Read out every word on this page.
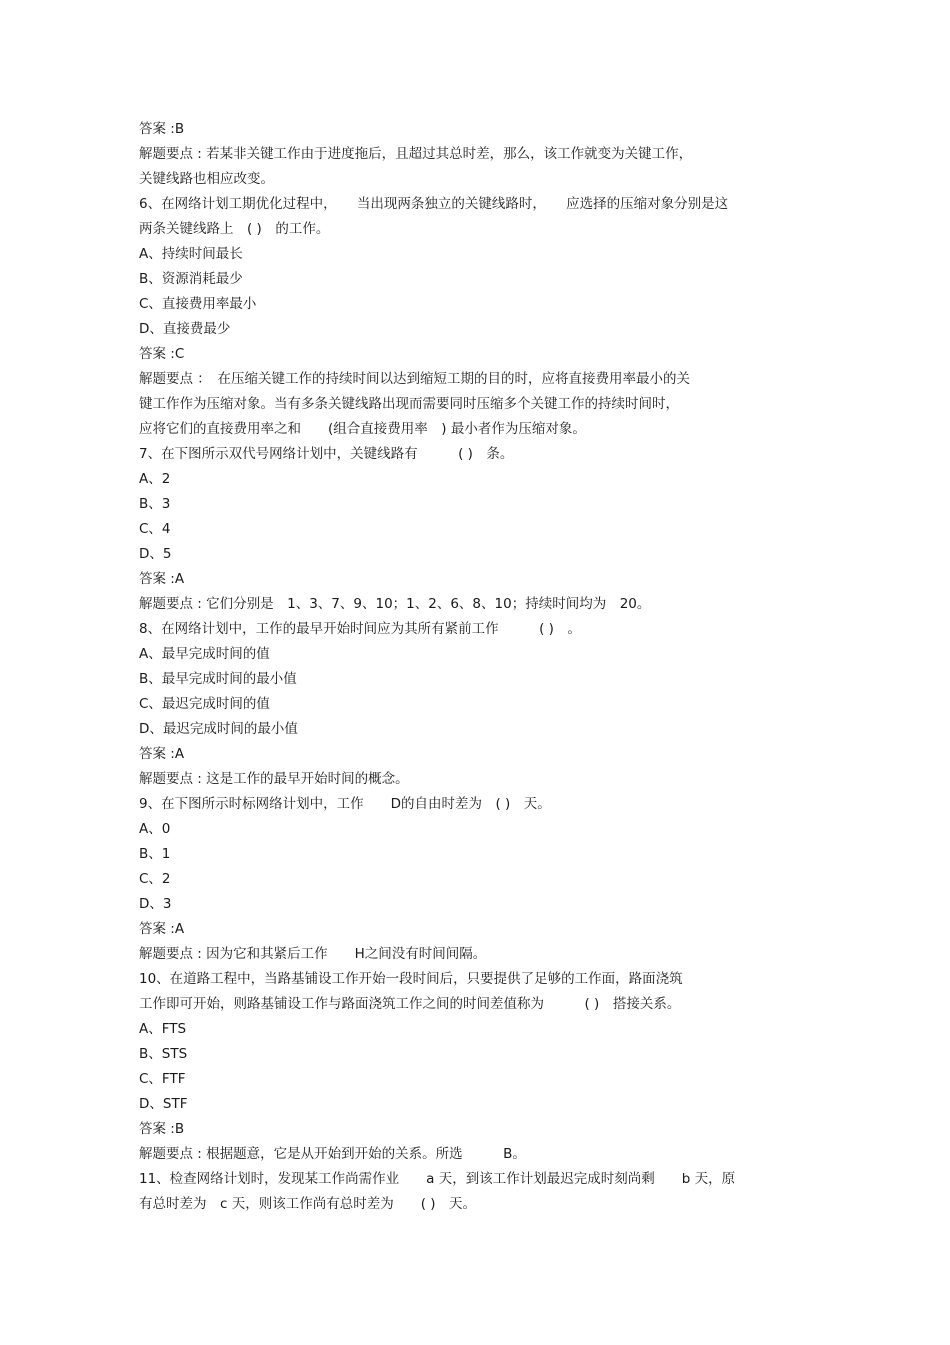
答案 :B
解题要点 : 若某非关键工作由于进度拖后，且超过其总时差，那么，该工作就变为关键工作，
关键线路也相应改变。
6、在网络计划工期优化过程中，　　当出现两条独立的关键线路时，　　应选择的压缩对象分别是这
两条关键线路上　( )　的工作。
A、持续时间最长
B、资源消耗最少
C、直接费用率最小
D、直接费最少
答案 :C
解题要点 ：　在压缩关键工作的持续时间以达到缩短工期的目的时，应将直接费用率最小的关
键工作作为压缩对象。当有多条关键线路出现而需要同时压缩多个关键工作的持续时间时，
应将它们的直接费用率之和　　(组合直接费用率　) 最小者作为压缩对象。
7、在下图所示双代号网络计划中，关键线路有　　　( )　条。
A、2
B、3
C、4
D、5
答案 :A
解题要点 : 它们分别是　1、3、7、9、10；1、2、6、8、10；持续时间均为　20。
8、在网络计划中，工作的最早开始时间应为其所有紧前工作　　　( )　。
A、最早完成时间的值
B、最早完成时间的最小值
C、最迟完成时间的值
D、最迟完成时间的最小值
答案 :A
解题要点 : 这是工作的最早开始时间的概念。
9、在下图所示时标网络计划中，工作　　D的自由时差为　( )　天。
A、0
B、1
C、2
D、3
答案 :A
解题要点 : 因为它和其紧后工作　　H之间没有时间间隔。
10、在道路工程中，当路基铺设工作开始一段时间后，只要提供了足够的工作面，路面浇筑
工作即可开始，则路基铺设工作与路面浇筑工作之间的时间差值称为　　　( )　搭接关系。
A、FTS
B、STS
C、FTF
D、STF
答案 :B
解题要点 : 根据题意，它是从开始到开始的关系。所选　　　B。
11、检查网络计划时，发现某工作尚需作业　　a 天，到该工作计划最迟完成时刻尚剩　　b 天，原
有总时差为　c 天，则该工作尚有总时差为　　( )　天。
